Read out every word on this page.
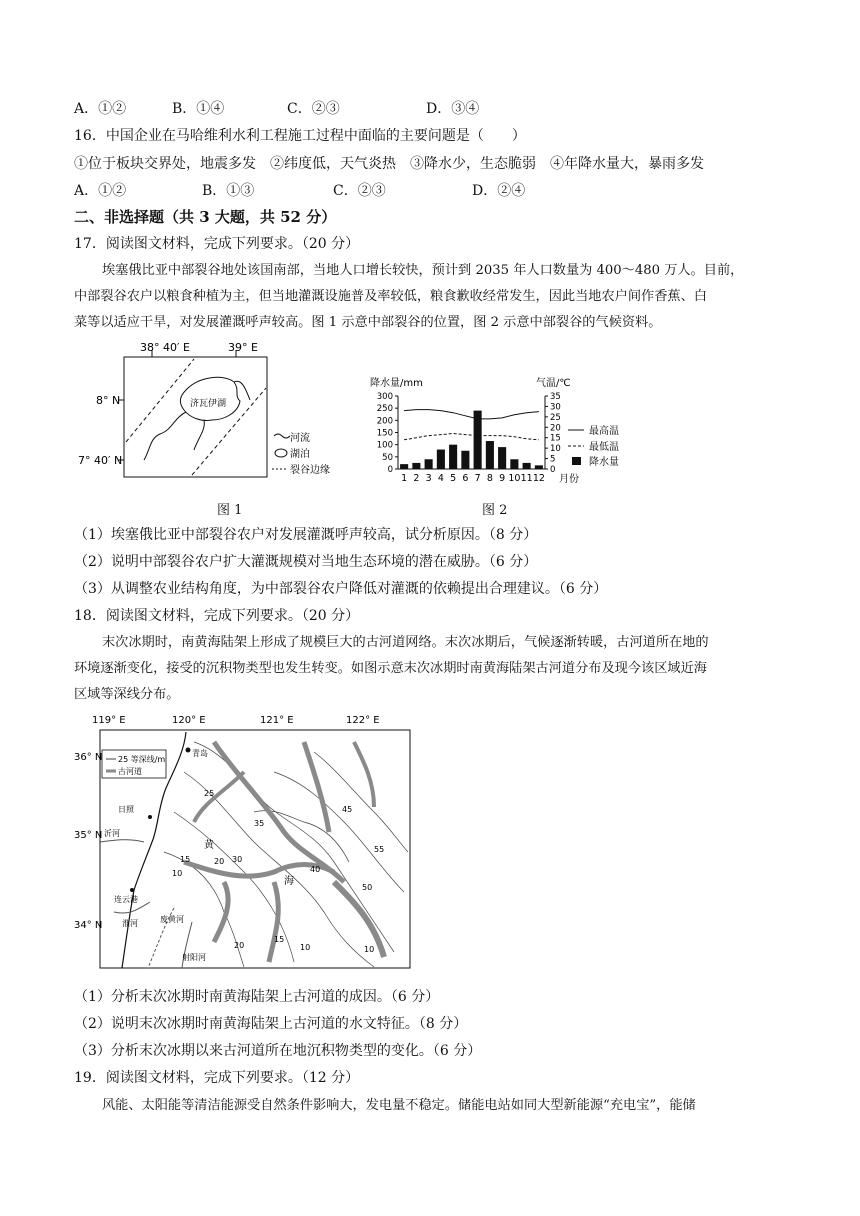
A．①②	B．①④	C．②③	D．③④
16．中国企业在马哈维利水利工程施工过程中面临的主要问题是（　　）
①位于板块交界处，地震多发　②纬度低，天气炎热　③降水少，生态脆弱　④年降水量大，暴雨多发
A．①②	B．①③	C．②③	D．②④
二、非选择题（共 3 大题，共 52 分）
17．阅读图文材料，完成下列要求。（20 分）
埃塞俄比亚中部裂谷地处该国南部，当地人口增长较快，预计到 2035 年人口数量为 400～480 万人。目前，
中部裂谷农户以粮食种植为主，但当地灌溉设施普及率较低，粮食歉收经常发生，因此当地农户间作香蕉、白
菜等以适应干旱，对发展灌溉呼声较高。图 1 示意中部裂谷的位置，图 2 示意中部裂谷的气候资料。
38° 40′ E	39° E
8° N
7° 40′ N
济瓦伊湖
河流
湖泊
裂谷边缘
图 1
降水量/mm	气温/℃
300
250
200
150
100
50
0
35
30
25
20
15
10
5
0
1 2 3 4 5 6 7 8 9 10 11 12 月份
最高温
最低温
降水量
图 2
（1）埃塞俄比亚中部裂谷农户对发展灌溉呼声较高，试分析原因。（8 分）
（2）说明中部裂谷农户扩大灌溉规模对当地生态环境的潜在威胁。（6 分）
（3）从调整农业结构角度，为中部裂谷农户降低对灌溉的依赖提出合理建议。（6 分）
18．阅读图文材料，完成下列要求。（20 分）
末次冰期时，南黄海陆架上形成了规模巨大的古河道网络。末次冰期后，气候逐渐转暖，古河道所在地的
环境逐渐变化，接受的沉积物类型也发生转变。如图示意末次冰期时南黄海陆架古河道分布及现今该区域近海
区域等深线分布。
119° E	120° E	121° E	122° E
36° N
35° N
34° N
25 等深线/m
古河道
青岛
日照
连云港
沂河
淮河	废黄河
射阳河
黄
海
45
25
20
15
10
35
30
40
50
55
10
15
20	10
（1）分析末次冰期时南黄海陆架上古河道的成因。（6 分）
（2）说明末次冰期时南黄海陆架上古河道的水文特征。（8 分）
（3）分析末次冰期以来古河道所在地沉积物类型的变化。（6 分）
19．阅读图文材料，完成下列要求。（12 分）
风能、太阳能等清洁能源受自然条件影响大，发电量不稳定。储能电站如同大型新能源“充电宝”，能储
